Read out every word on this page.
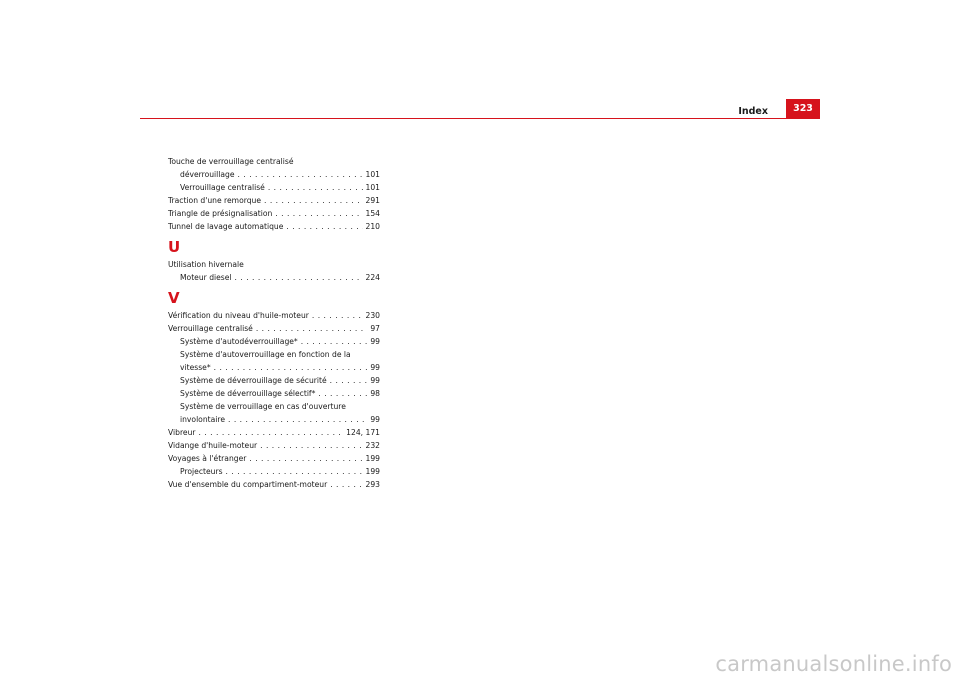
Index	323
Touche de verrouillage centralisé
déverrouillage . . .	101
Verrouillage centralisé . . .	101
Traction d'une remorque . . .	291
Triangle de présignalisation . . .	154
Tunnel de lavage automatique . . .	210
U
Utilisation hivernale
Moteur diesel . . .	224
V
Vérification du niveau d'huile-moteur . . .	230
Verrouillage centralisé . . .	97
Système d'autodéverrouillage* . . .	99
Système d'autoverrouillage en fonction de la
vitesse* . . .	99
Système de déverrouillage de sécurité . . .	99
Système de déverrouillage sélectif* . . .	98
Système de verrouillage en cas d'ouverture
involontaire . . .	99
Vibreur . . .	124, 171
Vidange d'huile-moteur . . .	232
Voyages à l'étranger . . .	199
Projecteurs . . .	199
Vue d'ensemble du compartiment-moteur . . .	293
carmanualsonline.info
